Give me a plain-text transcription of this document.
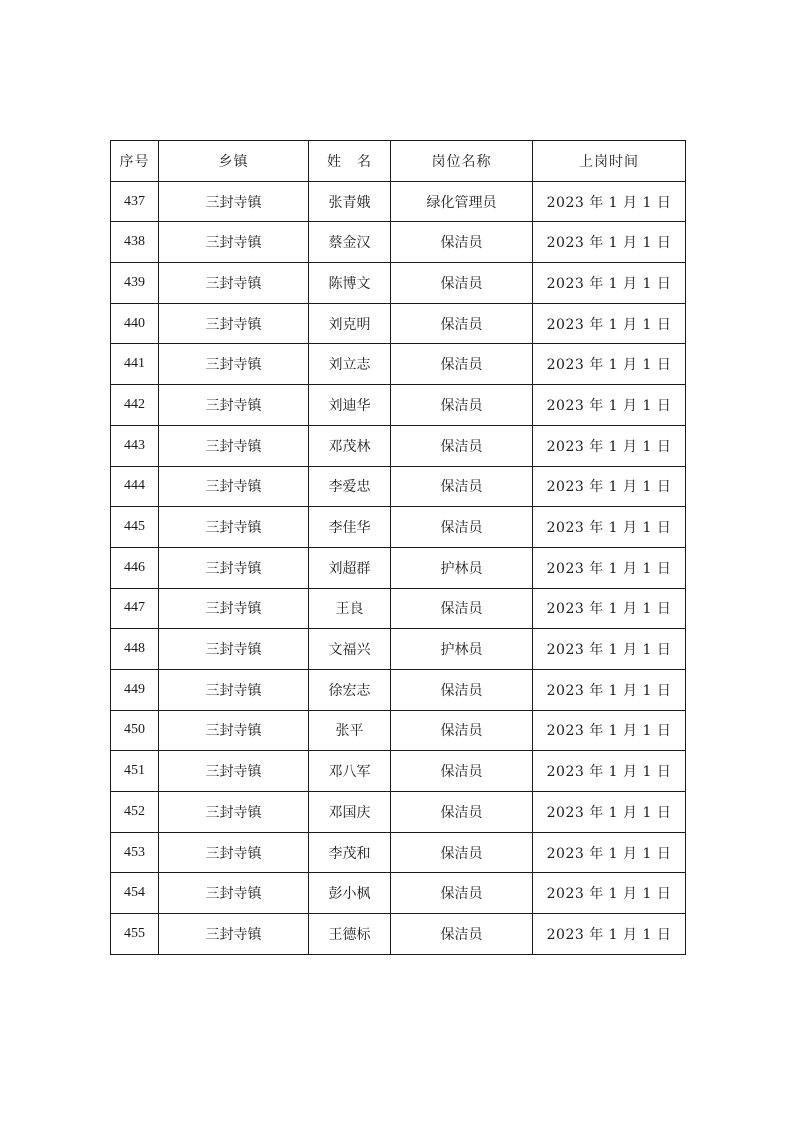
序号	乡镇	姓　名	岗位名称	上岗时间
437	三封寺镇	张青娥	绿化管理员	2023 年 1 月 1 日
438	三封寺镇	蔡金汉	保洁员	2023 年 1 月 1 日
439	三封寺镇	陈博文	保洁员	2023 年 1 月 1 日
440	三封寺镇	刘克明	保洁员	2023 年 1 月 1 日
441	三封寺镇	刘立志	保洁员	2023 年 1 月 1 日
442	三封寺镇	刘迪华	保洁员	2023 年 1 月 1 日
443	三封寺镇	邓茂林	保洁员	2023 年 1 月 1 日
444	三封寺镇	李爱忠	保洁员	2023 年 1 月 1 日
445	三封寺镇	李佳华	保洁员	2023 年 1 月 1 日
446	三封寺镇	刘超群	护林员	2023 年 1 月 1 日
447	三封寺镇	王良	保洁员	2023 年 1 月 1 日
448	三封寺镇	文福兴	护林员	2023 年 1 月 1 日
449	三封寺镇	徐宏志	保洁员	2023 年 1 月 1 日
450	三封寺镇	张平	保洁员	2023 年 1 月 1 日
451	三封寺镇	邓八军	保洁员	2023 年 1 月 1 日
452	三封寺镇	邓国庆	保洁员	2023 年 1 月 1 日
453	三封寺镇	李茂和	保洁员	2023 年 1 月 1 日
454	三封寺镇	彭小枫	保洁员	2023 年 1 月 1 日
455	三封寺镇	王德标	保洁员	2023 年 1 月 1 日
